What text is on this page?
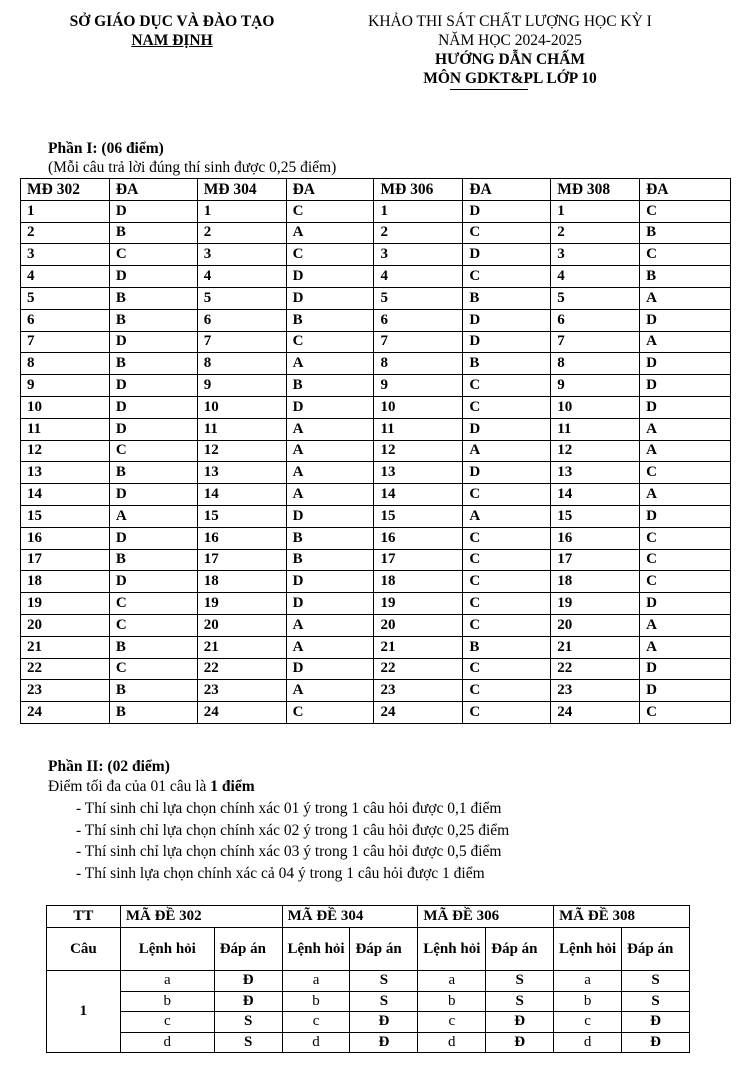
SỞ GIÁO DỤC VÀ ĐÀO TẠO
NAM ĐỊNH
KHẢO THI SÁT CHẤT LƯỢNG HỌC KỲ I
NĂM HỌC 2024-2025
HƯỚNG DẪN CHẤM
MÔN GDKT&PL LỚP 10
Phần I: (06 điểm)
(Mỗi câu trả lời đúng thí sinh được 0,25 điểm)
MĐ 302	ĐA	MĐ 304	ĐA	MĐ 306	ĐA	MĐ 308	ĐA
1	D	1	C	1	D	1	C
2	B	2	A	2	C	2	B
3	C	3	C	3	D	3	C
4	D	4	D	4	C	4	B
5	B	5	D	5	B	5	A
6	B	6	B	6	D	6	D
7	D	7	C	7	D	7	A
8	B	8	A	8	B	8	D
9	D	9	B	9	C	9	D
10	D	10	D	10	C	10	D
11	D	11	A	11	D	11	A
12	C	12	A	12	A	12	A
13	B	13	A	13	D	13	C
14	D	14	A	14	C	14	A
15	A	15	D	15	A	15	D
16	D	16	B	16	C	16	C
17	B	17	B	17	C	17	C
18	D	18	D	18	C	18	C
19	C	19	D	19	C	19	D
20	C	20	A	20	C	20	A
21	B	21	A	21	B	21	A
22	C	22	D	22	C	22	D
23	B	23	A	23	C	23	D
24	B	24	C	24	C	24	C
Phần II: (02 điểm)
Điểm tối đa của 01 câu là 1 điểm
- Thí sinh chỉ lựa chọn chính xác 01 ý trong 1 câu hỏi được 0,1 điểm
- Thí sinh chỉ lựa chọn chính xác 02 ý trong 1 câu hỏi được 0,25 điểm
- Thí sinh chỉ lựa chọn chính xác 03 ý trong 1 câu hỏi được 0,5 điểm
- Thí sinh lựa chọn chính xác cả 04 ý trong 1 câu hỏi được 1 điểm
TT	MÃ ĐỀ 302		MÃ ĐỀ 304		MÃ ĐỀ 306		MÃ ĐỀ 308	
Câu	Lệnh hỏi	Đáp án	Lệnh hỏi	Đáp án	Lệnh hỏi	Đáp án	Lệnh hỏi	Đáp án
1	a	Đ	a	S	a	S	a	S
	b	Đ	b	S	b	S	b	S
	c	S	c	Đ	c	Đ	c	Đ
	d	S	d	Đ	d	Đ	d	Đ
